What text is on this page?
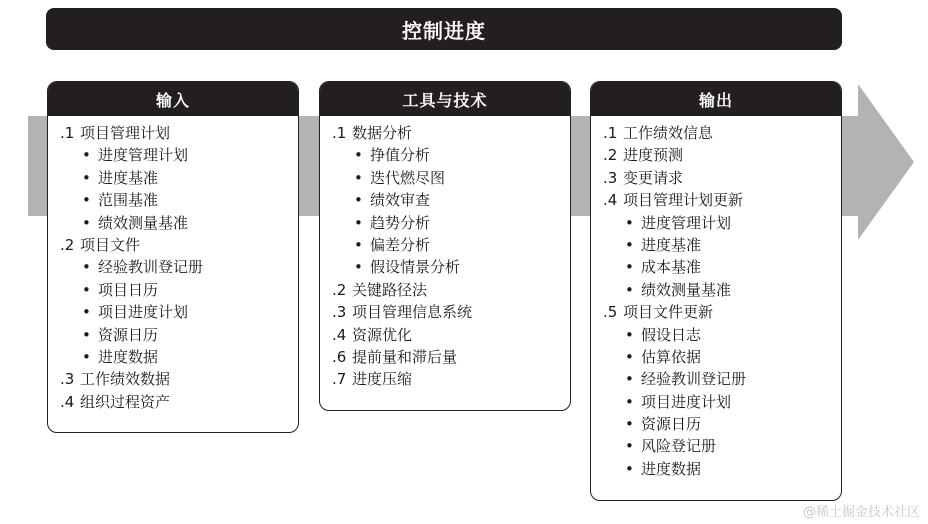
控制进度
输入
.1 项目管理计划
• 进度管理计划
• 进度基准
• 范围基准
• 绩效测量基准
.2 项目文件
• 经验教训登记册
• 项目日历
• 项目进度计划
• 资源日历
• 进度数据
.3 工作绩效数据
.4 组织过程资产
工具与技术
.1 数据分析
• 挣值分析
• 迭代燃尽图
• 绩效审查
• 趋势分析
• 偏差分析
• 假设情景分析
.2 关键路径法
.3 项目管理信息系统
.4 资源优化
.6 提前量和滞后量
.7 进度压缩
输出
.1 工作绩效信息
.2 进度预测
.3 变更请求
.4 项目管理计划更新
• 进度管理计划
• 进度基准
• 成本基准
• 绩效测量基准
.5 项目文件更新
• 假设日志
• 估算依据
• 经验教训登记册
• 项目进度计划
• 资源日历
• 风险登记册
• 进度数据
@稀土掘金技术社区
